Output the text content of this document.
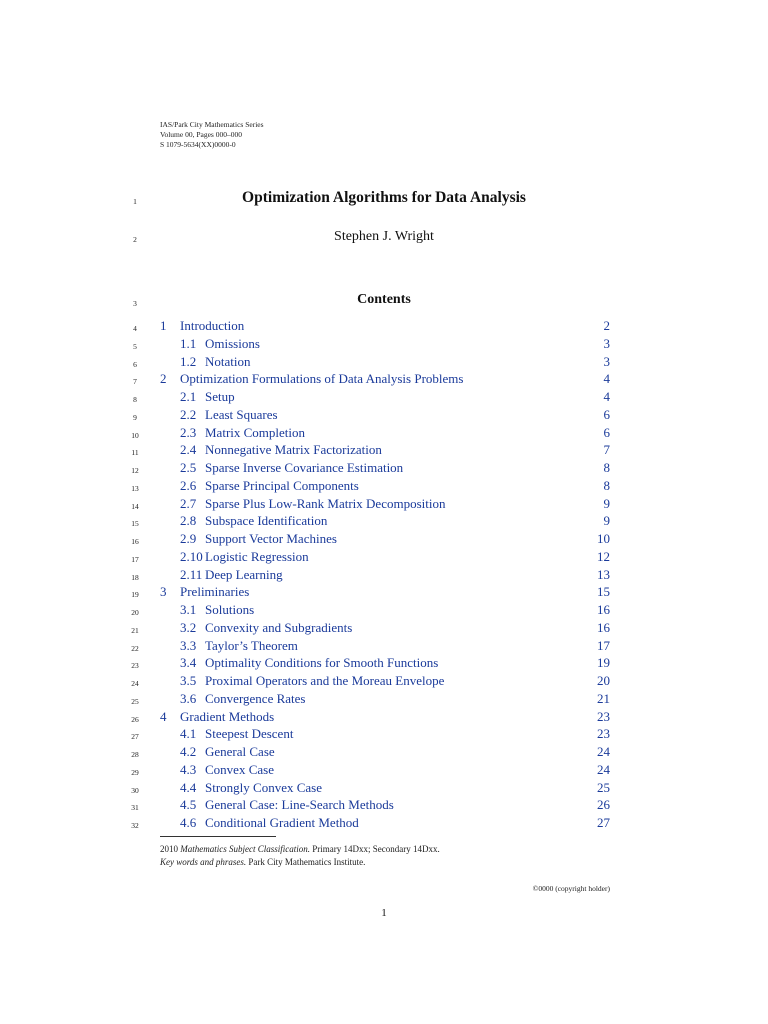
IAS/Park City Mathematics Series
Volume 00, Pages 000–000
S 1079-5634(XX)0000-0
1
2
3
4
5
6
7
8
9
10
11
12
13
14
15
16
17
18
19
20
21
22
23
24
25
26
27
28
29
30
31
32
Optimization Algorithms for Data Analysis
Stephen J. Wright
Contents
1 Introduction	2
1.1 Omissions	3
1.2 Notation	3
2 Optimization Formulations of Data Analysis Problems	4
2.1 Setup	4
2.2 Least Squares	6
2.3 Matrix Completion	6
2.4 Nonnegative Matrix Factorization	7
2.5 Sparse Inverse Covariance Estimation	8
2.6 Sparse Principal Components	8
2.7 Sparse Plus Low-Rank Matrix Decomposition	9
2.8 Subspace Identification	9
2.9 Support Vector Machines	10
2.10 Logistic Regression	12
2.11 Deep Learning	13
3 Preliminaries	15
3.1 Solutions	16
3.2 Convexity and Subgradients	16
3.3 Taylor’s Theorem	17
3.4 Optimality Conditions for Smooth Functions	19
3.5 Proximal Operators and the Moreau Envelope	20
3.6 Convergence Rates	21
4 Gradient Methods	23
4.1 Steepest Descent	23
4.2 General Case	24
4.3 Convex Case	24
4.4 Strongly Convex Case	25
4.5 General Case: Line-Search Methods	26
4.6 Conditional Gradient Method	27
2010 Mathematics Subject Classification. Primary 14Dxx; Secondary 14Dxx.
Key words and phrases. Park City Mathematics Institute.
©0000 (copyright holder)
1
